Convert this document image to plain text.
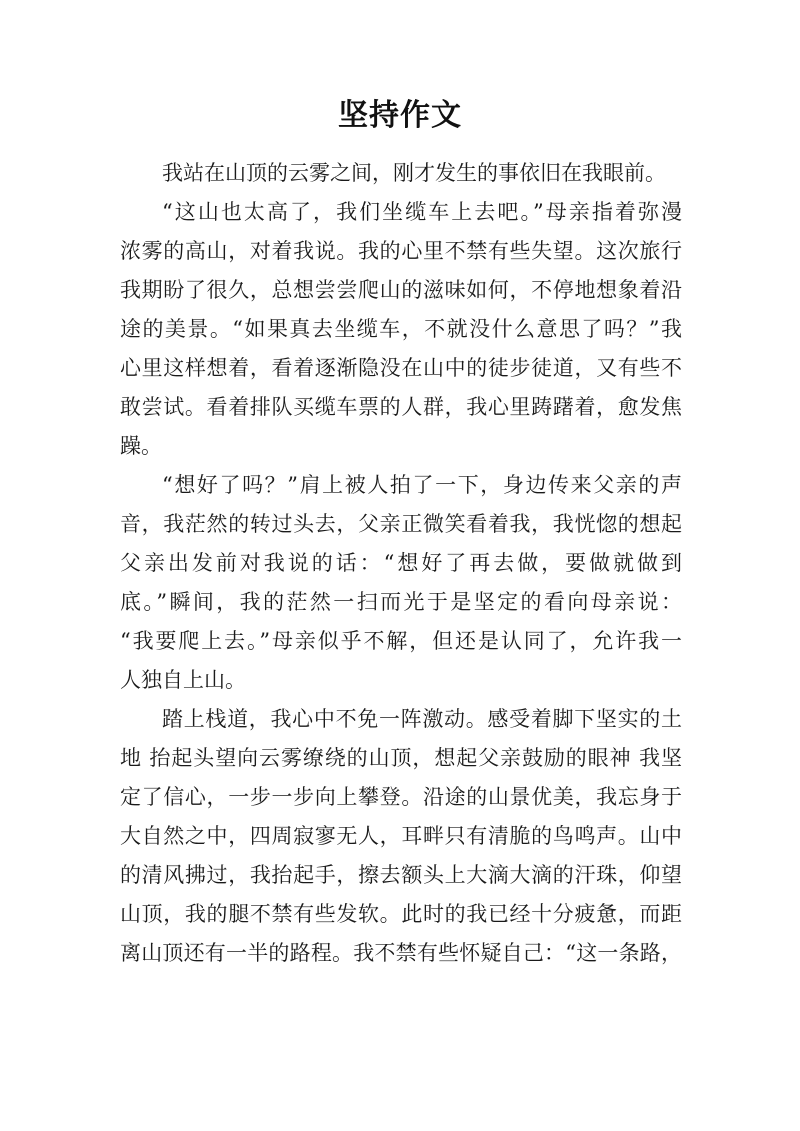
坚持作文
我站在山顶的云雾之间，刚才发生的事依旧在我眼前。
“这山也太高了，我们坐缆车上去吧。”母亲指着弥漫
浓雾的高山，对着我说。我的心里不禁有些失望。这次旅行
我期盼了很久，总想尝尝爬山的滋味如何，不停地想象着沿
途的美景。“如果真去坐缆车，不就没什么意思了吗？”我
心里这样想着，看着逐渐隐没在山中的徒步徒道，又有些不
敢尝试。看着排队买缆车票的人群，我心里踌躇着，愈发焦
躁。
“想好了吗？”肩上被人拍了一下，身边传来父亲的声
音，我茫然的转过头去，父亲正微笑看着我，我恍惚的想起
父亲出发前对我说的话：“想好了再去做，要做就做到
底。”瞬间，我的茫然一扫而光于是坚定的看向母亲说：
“我要爬上去。”母亲似乎不解，但还是认同了，允许我一
人独自上山。
踏上栈道，我心中不免一阵激动。感受着脚下坚实的土
地 抬起头望向云雾缭绕的山顶，想起父亲鼓励的眼神 我坚
定了信心，一步一步向上攀登。沿途的山景优美，我忘身于
大自然之中，四周寂寥无人，耳畔只有清脆的鸟鸣声。山中
的清风拂过，我抬起手，擦去额头上大滴大滴的汗珠，仰望
山顶，我的腿不禁有些发软。此时的我已经十分疲惫，而距
离山顶还有一半的路程。我不禁有些怀疑自己：“这一条路，
